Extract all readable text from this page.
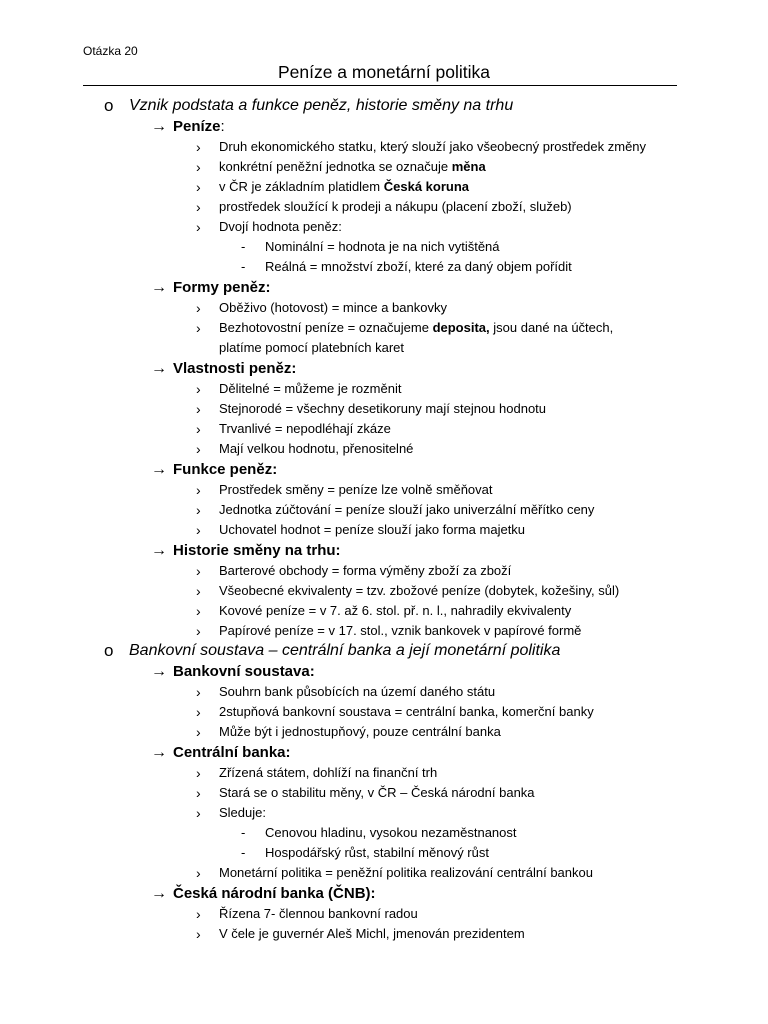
Otázka 20
Peníze a monetární politika
o Vznik podstata a funkce peněz, historie směny na trhu
→ Peníze:
› Druh ekonomického statku, který slouží jako všeobecný prostředek změny
› konkrétní peněžní jednotka se označuje měna
› v ČR je základním platidlem Česká koruna
› prostředek sloužící k prodeji a nákupu (placení zboží, služeb)
› Dvojí hodnota peněz:
- Nominální = hodnota je na nich vytištěná
- Reálná = množství zboží, které za daný objem pořídit
→ Formy peněz:
› Oběživo (hotovost) = mince a bankovky
› Bezhotovostní peníze = označujeme deposita, jsou dané na účtech,
platíme pomocí platebních karet
→ Vlastnosti peněz:
› Dělitelné = můžeme je rozměnit
› Stejnorodé = všechny desetikoruny mají stejnou hodnotu
› Trvanlivé = nepodléhají zkáze
› Mají velkou hodnotu, přenositelné
→ Funkce peněz:
› Prostředek směny = peníze lze volně směňovat
› Jednotka zúčtování = peníze slouží jako univerzální měřítko ceny
› Uchovatel hodnot = peníze slouží jako forma majetku
→ Historie směny na trhu:
› Barterové obchody = forma výměny zboží za zboží
› Všeobecné ekvivalenty = tzv. zbožové peníze (dobytek, kožešiny, sůl)
› Kovové peníze = v 7. až 6. stol. př. n. l., nahradily ekvivalenty
› Papírové peníze = v 17. stol., vznik bankovek v papírové formě
o Bankovní soustava – centrální banka a její monetární politika
→ Bankovní soustava:
› Souhrn bank působících na území daného státu
› 2stupňová bankovní soustava = centrální banka, komerční banky
› Může být i jednostupňový, pouze centrální banka
→ Centrální banka:
› Zřízená státem, dohlíží na finanční trh
› Stará se o stabilitu měny, v ČR – Česká národní banka
› Sleduje:
- Cenovou hladinu, vysokou nezaměstnanost
- Hospodářský růst, stabilní měnový růst
› Monetární politika = peněžní politika realizování centrální bankou
→ Česká národní banka (ČNB):
› Řízena 7- člennou bankovní radou
› V čele je guvernér Aleš Michl, jmenován prezidentem
